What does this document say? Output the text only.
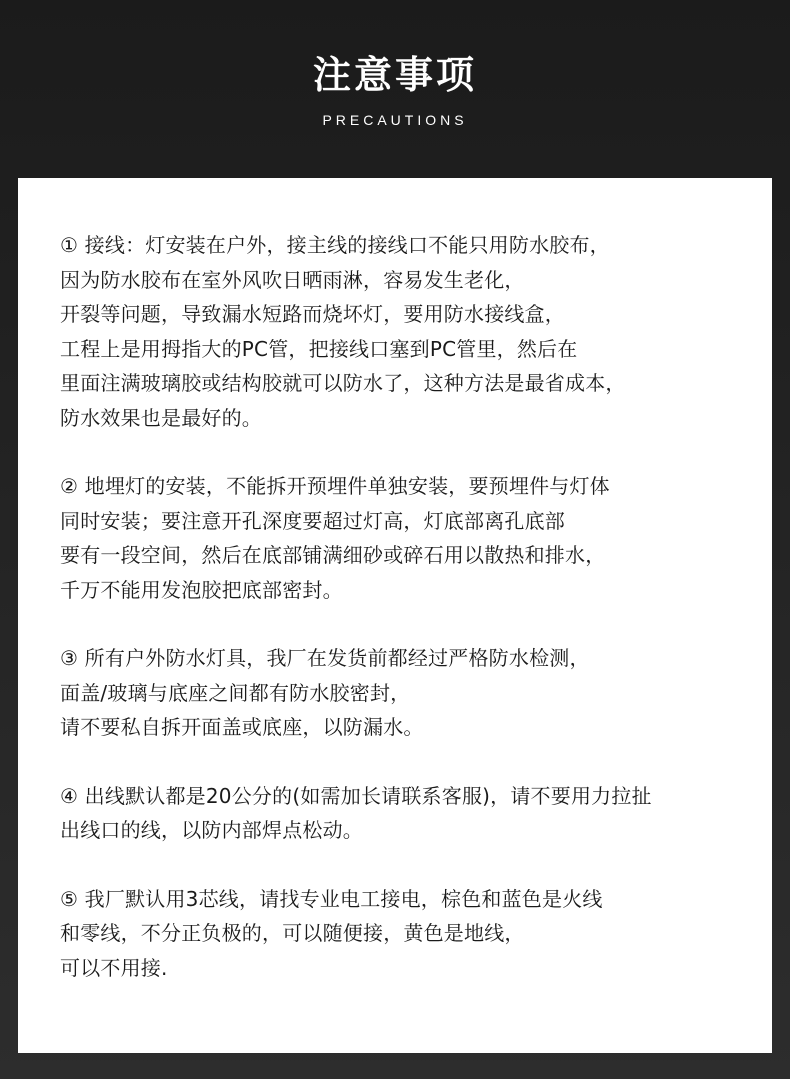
注意事项
PRECAUTIONS
① 接线：灯安装在户外，接主线的接线口不能只用防水胶布，
因为防水胶布在室外风吹日晒雨淋，容易发生老化，
开裂等问题，导致漏水短路而烧坏灯，要用防水接线盒，
工程上是用拇指大的PC管，把接线口塞到PC管里，然后在
里面注满玻璃胶或结构胶就可以防水了，这种方法是最省成本，
防水效果也是最好的。
② 地埋灯的安装，不能拆开预埋件单独安装，要预埋件与灯体
同时安装；要注意开孔深度要超过灯高，灯底部离孔底部
要有一段空间，然后在底部铺满细砂或碎石用以散热和排水，
千万不能用发泡胶把底部密封。
③ 所有户外防水灯具，我厂在发货前都经过严格防水检测，
面盖/玻璃与底座之间都有防水胶密封，
请不要私自拆开面盖或底座，以防漏水。
④ 出线默认都是20公分的(如需加长请联系客服)，请不要用力拉扯
出线口的线，以防内部焊点松动。
⑤ 我厂默认用3芯线，请找专业电工接电，棕色和蓝色是火线
和零线，不分正负极的，可以随便接，黄色是地线，
可以不用接.
